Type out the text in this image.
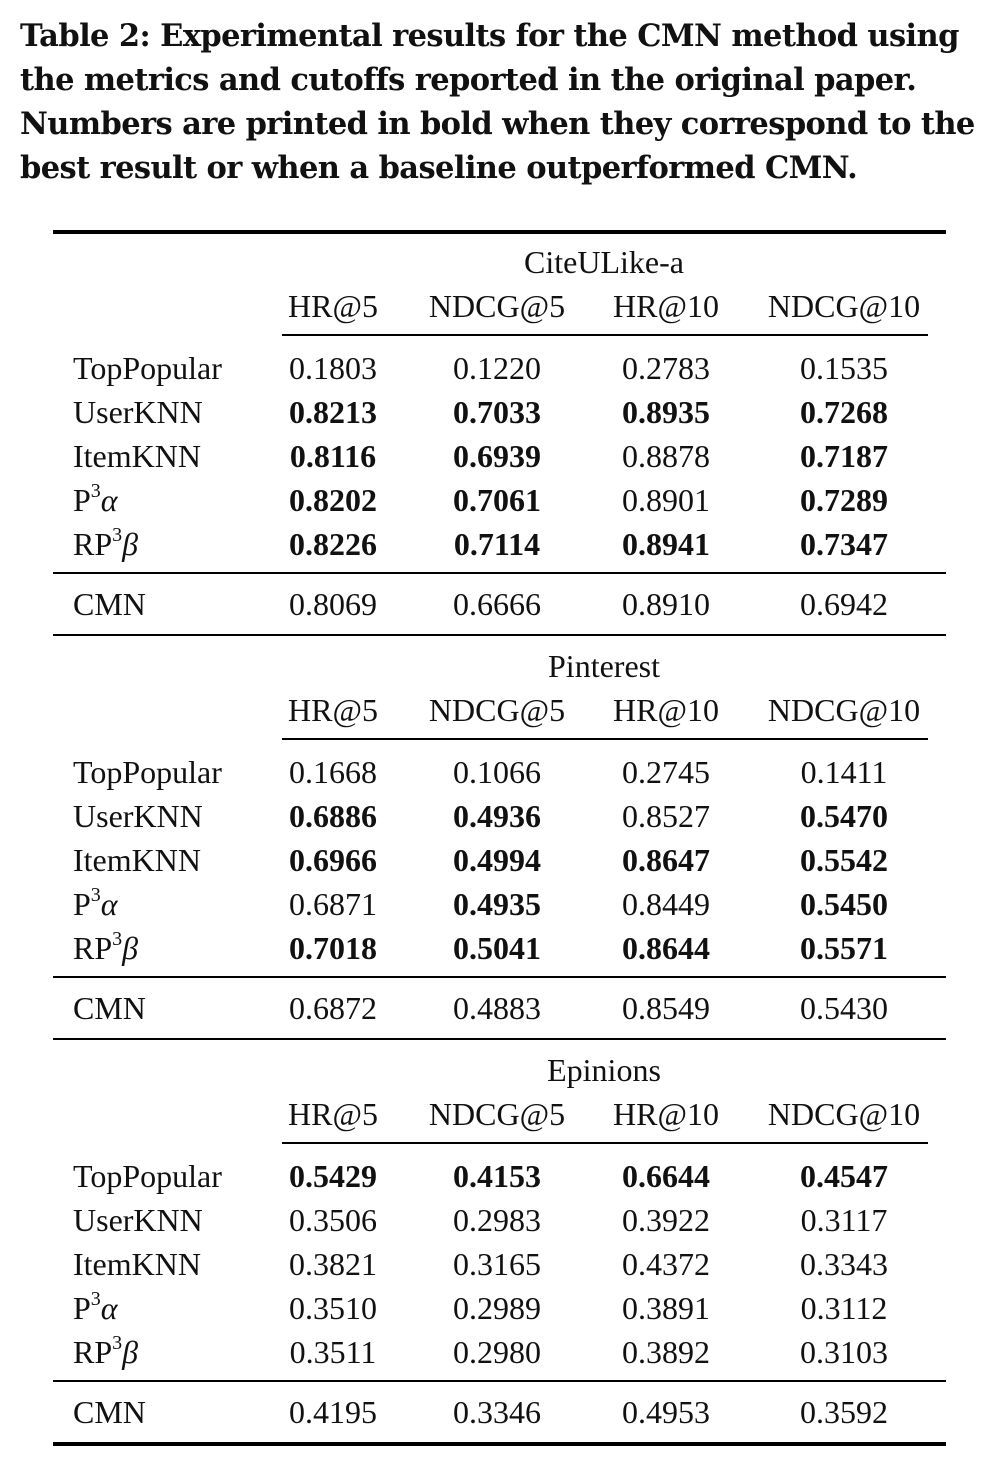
Table 2: Experimental results for the CMN method using the metrics and cutoffs reported in the original paper. Numbers are printed in bold when they correspond to the best result or when a baseline outperformed CMN.
CiteULike-a
HR@5 NDCG@5 HR@10 NDCG@10
TopPopular 0.1803 0.1220	0.2783	0.1535
UserKNN	0.8213 0.7033	0.8935	0.7268
ItemKNN	0.8116 0.6939	0.8878	0.7187
$P^3\alpha$	0.8202 0.7061	0.8901	0.7289
$RP^3\beta$	0.8226 0.7114	0.8941	0.7347
CMN	0.8069 0.6666	0.8910	0.6942
Pinterest
HR@5 NDCG@5 HR@10 NDCG@10
TopPopular 0.1668 0.1066	0.2745	0.1411
UserKNN	0.6886 0.4936	0.8527	0.5470
ItemKNN	0.6966 0.4994	0.8647	0.5542
$P^3\alpha$	0.6871 0.4935	0.8449	0.5450
$RP^3\beta$	0.7018 0.5041	0.8644	0.5571
CMN	0.6872 0.4883	0.8549	0.5430
Epinions
HR@5 NDCG@5 HR@10 NDCG@10
TopPopular 0.5429 0.4153	0.6644	0.4547
UserKNN	0.3506 0.2983	0.3922	0.3117
ItemKNN	0.3821 0.3165	0.4372	0.3343
$P^3\alpha$	0.3510 0.2989	0.3891	0.3112
$RP^3\beta$	0.3511 0.2980	0.3892	0.3103
CMN	0.4195 0.3346	0.4953	0.3592
